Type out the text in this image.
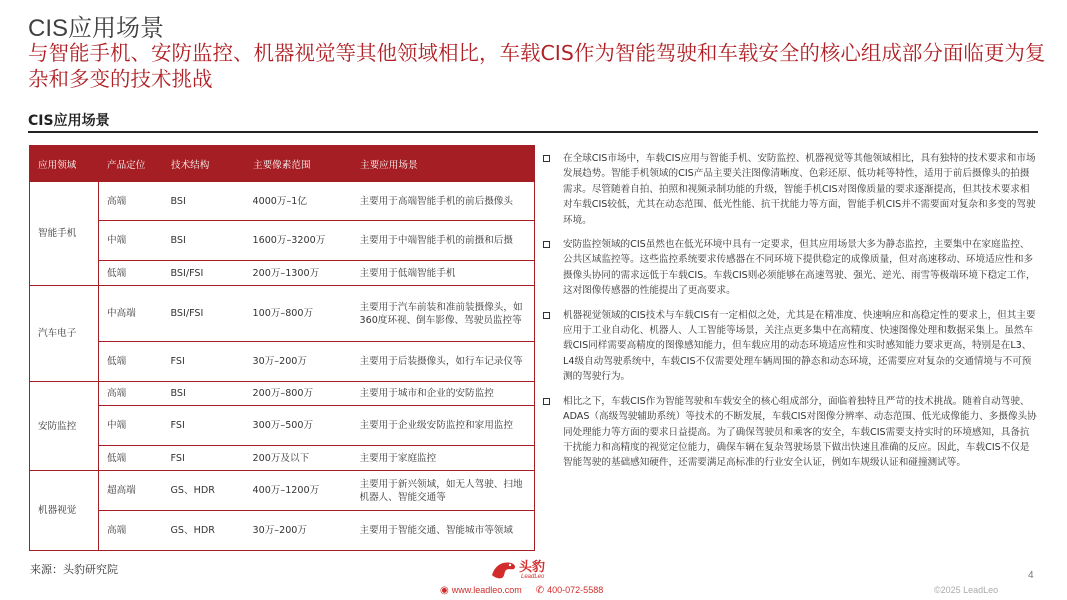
CIS应用场景
与智能手机、安防监控、机器视觉等其他领域相比，车载CIS作为智能驾驶和车载安全的核心组成部分面临更为复杂和多变的技术挑战
CIS应用场景
应用领域	产品定位	技术结构	主要像素范围	主要应用场景
智能手机	高端	BSI	4000万–1亿	主要用于高端智能手机的前后摄像头
	中端	BSI	1600万–3200万	主要用于中端智能手机的前摄和后摄
	低端	BSI/FSI	200万–1300万	主要用于低端智能手机
汽车电子	中高端	BSI/FSI	100万–800万	主要用于汽车前装和准前装摄像头，如360度环视、倒车影像、驾驶员监控等
	低端	FSI	30万–200万	主要用于后装摄像头，如行车记录仪等
安防监控	高端	BSI	200万–800万	主要用于城市和企业的安防监控
	中端	FSI	300万–500万	主要用于企业级安防监控和家用监控
	低端	FSI	200万及以下	主要用于家庭监控
机器视觉	超高端	GS、HDR	400万–1200万	主要用于新兴领域，如无人驾驶、扫地机器人、智能交通等
	高端	GS、HDR	30万–200万	主要用于智能交通、智能城市等领域
来源：头豹研究院
在全球CIS市场中，车载CIS应用与智能手机、安防监控、机器视觉等其他领域相比，具有独特的技术要求和市场发展趋势。智能手机领域的CIS产品主要关注图像清晰度、色彩还原、低功耗等特性，适用于前后摄像头的拍摄需求。尽管随着自拍、拍照和视频录制功能的升级，智能手机CIS对图像质量的要求逐渐提高，但其技术要求相对车载CIS较低，尤其在动态范围、低光性能、抗干扰能力等方面，智能手机CIS并不需要面对复杂和多变的驾驶环境。
安防监控领域的CIS虽然也在低光环境中具有一定要求，但其应用场景大多为静态监控，主要集中在家庭监控、公共区域监控等。这些监控系统要求传感器在不同环境下提供稳定的成像质量，但对高速移动、环境适应性和多摄像头协同的需求远低于车载CIS。车载CIS则必须能够在高速驾驶、强光、逆光、雨雪等极端环境下稳定工作，这对图像传感器的性能提出了更高要求。
机器视觉领域的CIS技术与车载CIS有一定相似之处，尤其是在精准度、快速响应和高稳定性的要求上，但其主要应用于工业自动化、机器人、人工智能等场景，关注点更多集中在高精度、快速图像处理和数据采集上。虽然车载CIS同样需要高精度的图像感知能力，但车载应用的动态环境适应性和实时感知能力要求更高，特别是在L3、L4级自动驾驶系统中，车载CIS不仅需要处理车辆周围的静态和动态环境，还需要应对复杂的交通情境与不可预测的驾驶行为。
相比之下，车载CIS作为智能驾驶和车载安全的核心组成部分，面临着独特且严苛的技术挑战。随着自动驾驶、ADAS（高级驾驶辅助系统）等技术的不断发展，车载CIS对图像分辨率、动态范围、低光成像能力、多摄像头协同处理能力等方面的要求日益提高。为了确保驾驶员和乘客的安全，车载CIS需要支持实时的环境感知，具备抗干扰能力和高精度的视觉定位能力，确保车辆在复杂驾驶场景下做出快速且准确的反应。因此，车载CIS不仅是智能驾驶的基础感知硬件，还需要满足高标准的行业安全认证，例如车规级认证和碰撞测试等。
头豹
LeadLeo
◉ www.leadleo.com ✆ 400-072-5588
4
©2025 LeadLeo
